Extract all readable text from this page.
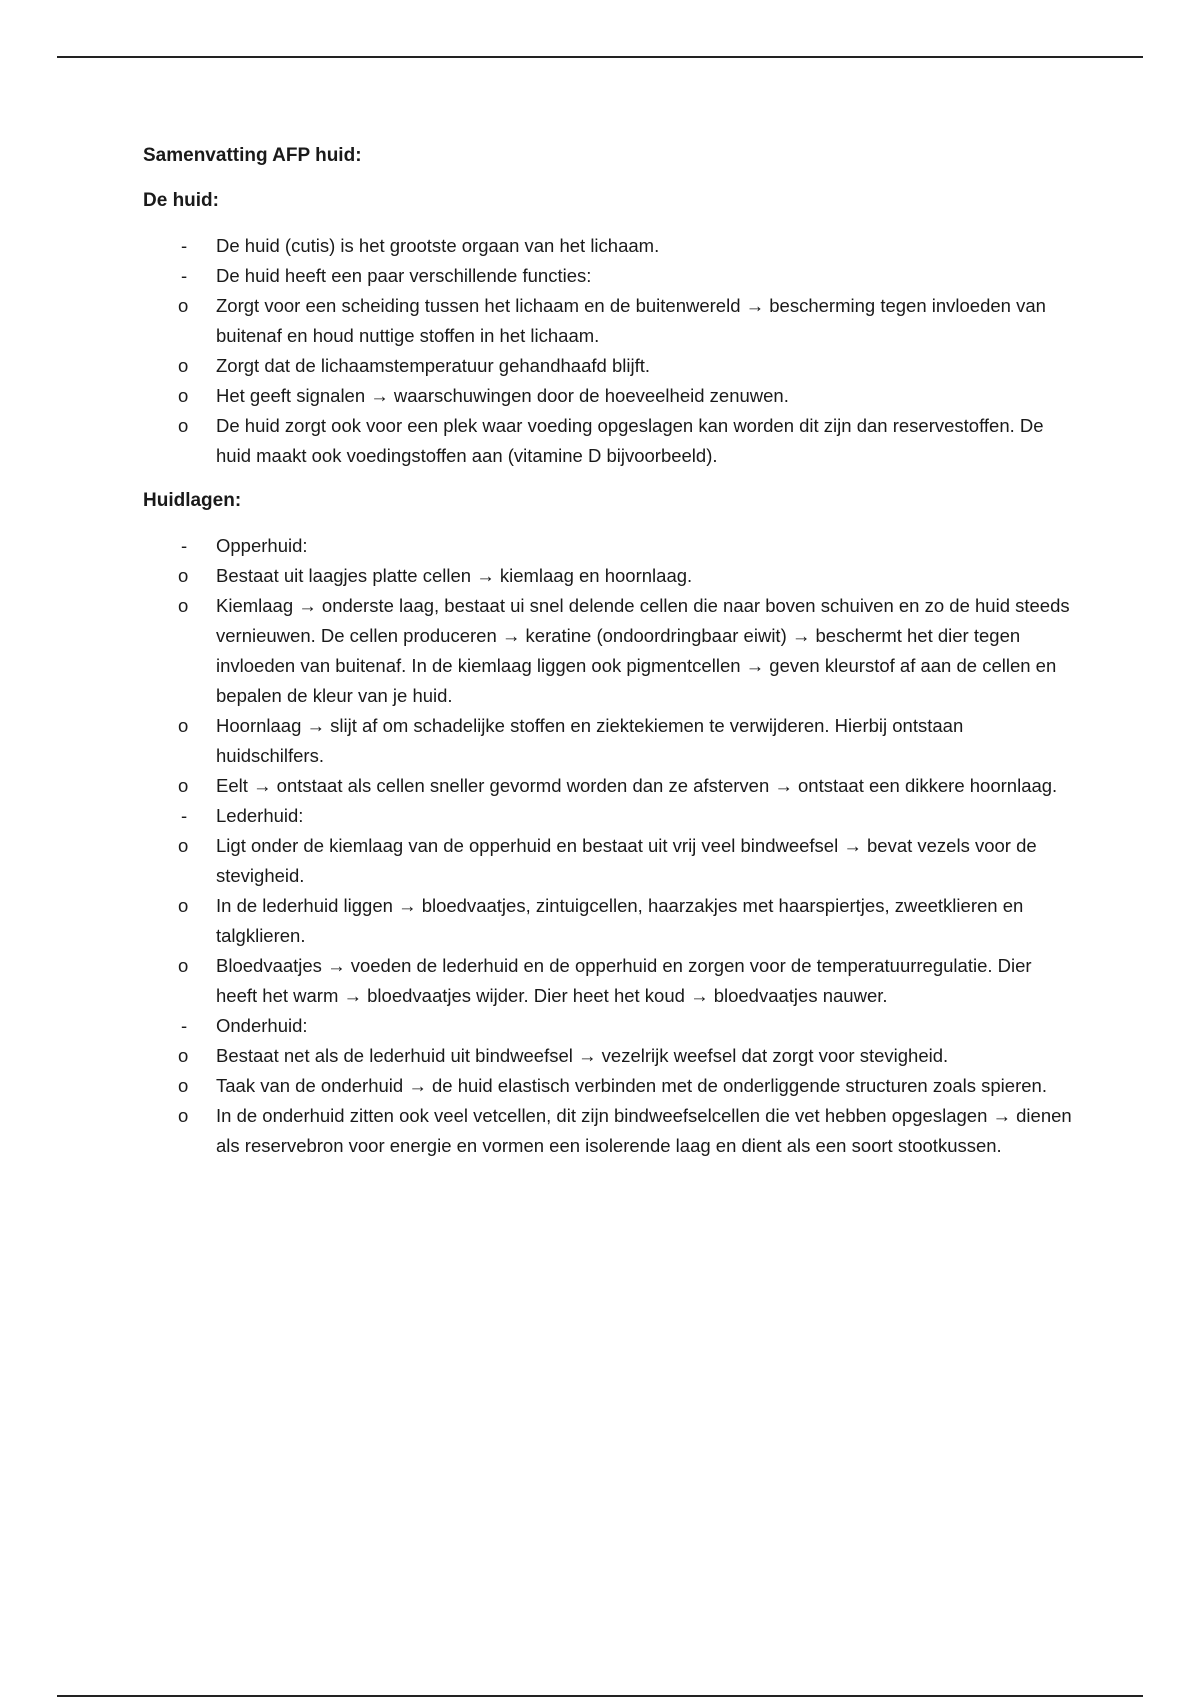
Samenvatting AFP huid:

De huid:

-	De huid (cutis) is het grootste orgaan van het lichaam.
-	De huid heeft een paar verschillende functies:
o	Zorgt voor een scheiding tussen het lichaam en de buitenwereld → bescherming tegen invloeden van buitenaf en houd nuttige stoffen in het lichaam.
o	Zorgt dat de lichaamstemperatuur gehandhaafd blijft.
o	Het geeft signalen → waarschuwingen door de hoeveelheid zenuwen.
o	De huid zorgt ook voor een plek waar voeding opgeslagen kan worden dit zijn dan reservestoffen. De huid maakt ook voedingstoffen aan (vitamine D bijvoorbeeld).

Huidlagen:

-	Opperhuid:
o	Bestaat uit laagjes platte cellen → kiemlaag en hoornlaag.
o	Kiemlaag → onderste laag, bestaat ui snel delende cellen die naar boven schuiven en zo de huid steeds vernieuwen. De cellen produceren → keratine (ondoordringbaar eiwit) → beschermt het dier tegen invloeden van buitenaf. In de kiemlaag liggen ook pigmentcellen → geven kleurstof af aan de cellen en bepalen de kleur van je huid.
o	Hoornlaag → slijt af om schadelijke stoffen en ziektekiemen te verwijderen. Hierbij ontstaan huidschilfers.
o	Eelt → ontstaat als cellen sneller gevormd worden dan ze afsterven → ontstaat een dikkere hoornlaag.
-	Lederhuid:
o	Ligt onder de kiemlaag van de opperhuid en bestaat uit vrij veel bindweefsel → bevat vezels voor de stevigheid.
o	In de lederhuid liggen → bloedvaatjes, zintuigcellen, haarzakjes met haarspiertjes, zweetklieren en talgklieren.
o	Bloedvaatjes → voeden de lederhuid en de opperhuid en zorgen voor de temperatuurregulatie. Dier heeft het warm → bloedvaatjes wijder. Dier heet het koud → bloedvaatjes nauwer.
-	Onderhuid:
o	Bestaat net als de lederhuid uit bindweefsel → vezelrijk weefsel dat zorgt voor stevigheid.
o	Taak van de onderhuid → de huid elastisch verbinden met de onderliggende structuren zoals spieren.
o	In de onderhuid zitten ook veel vetcellen, dit zijn bindweefselcellen die vet hebben opgeslagen → dienen als reservebron voor energie en vormen een isolerende laag en dient als een soort stootkussen.
